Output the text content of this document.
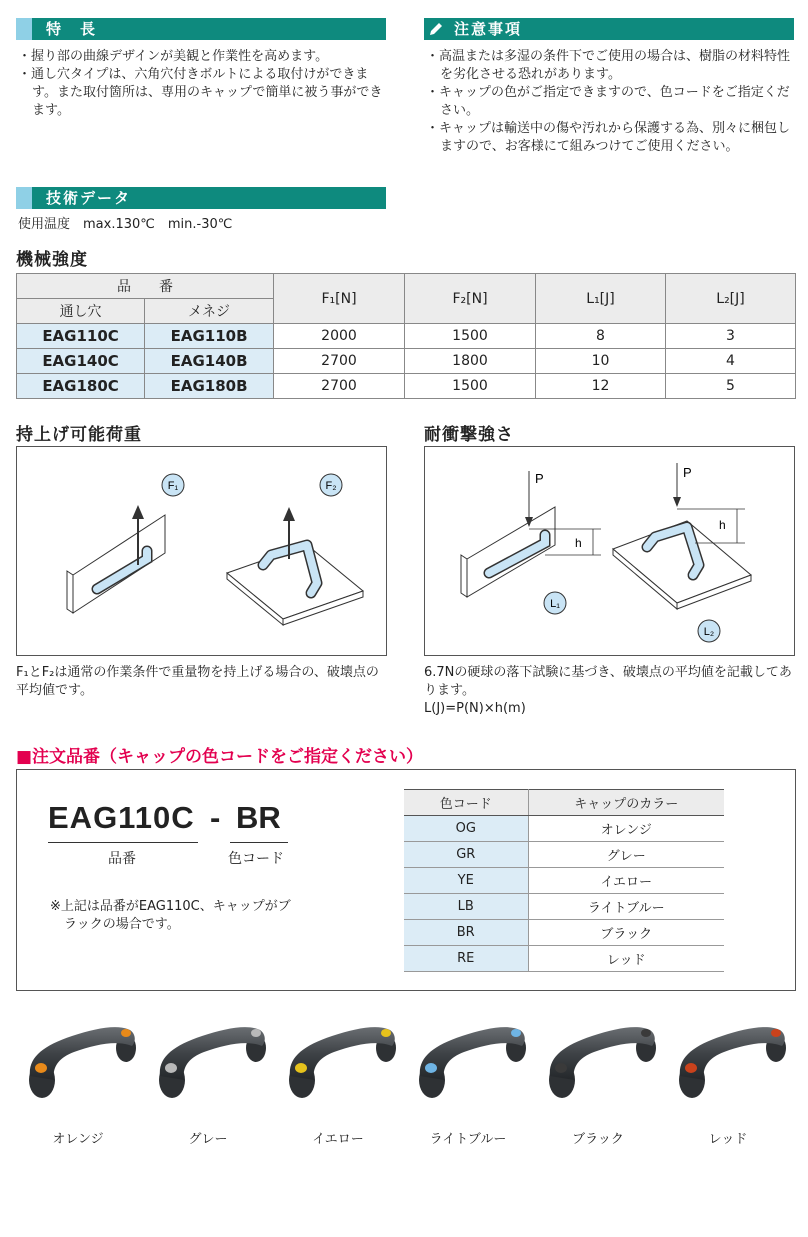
特　長
・ 握り部の曲線デザインが美観と作業性を高めます。
・ 通し穴タイプは、六角穴付きボルトによる取付けができます。また取付箇所は、専用のキャップで簡単に被う事ができます。
注意事項
・ 高温または多湿の条件下でご使用の場合は、樹脂の材料特性を劣化させる恐れがあります。
・ キャップの色がご指定できますので、色コードをご指定ください。
・ キャップは輸送中の傷や汚れから保護する為、別々に梱包しますので、お客様にて組みつけてご使用ください。
技術データ
使用温度　max.130℃　min.-30℃
機械強度
品　　番		F₁[N]	F₂[N]	L₁[J]	L₂[J]
通し穴	メネジ				
EAG110C	EAG110B	2000	1500	8	3
EAG140C	EAG140B	2700	1800	10	4
EAG180C	EAG180B	2700	1500	12	5
持上げ可能荷重
F₁	F₂
F₁とF₂は通常の作業条件で重量物を持上げる場合の、破壊点の平均値です。
耐衝撃強さ
P
h
L₁
P
h
L₂
6.7Nの硬球の落下試験に基づき、破壊点の平均値を記載してあります。
L(J)=P(N)×h(m)
■注文品番（キャップの色コードをご指定ください）
EAG110C - BR
品番	色コード
※上記は品番がEAG110C、キャップがブラックの場合です。
色コード	キャップのカラー
OG	オレンジ
GR	グレー
YE	イエロー
LB	ライトブルー
BR	ブラック
RE	レッド
オレンジ	グレー	イエロー	ライトブルー	ブラック	レッド
